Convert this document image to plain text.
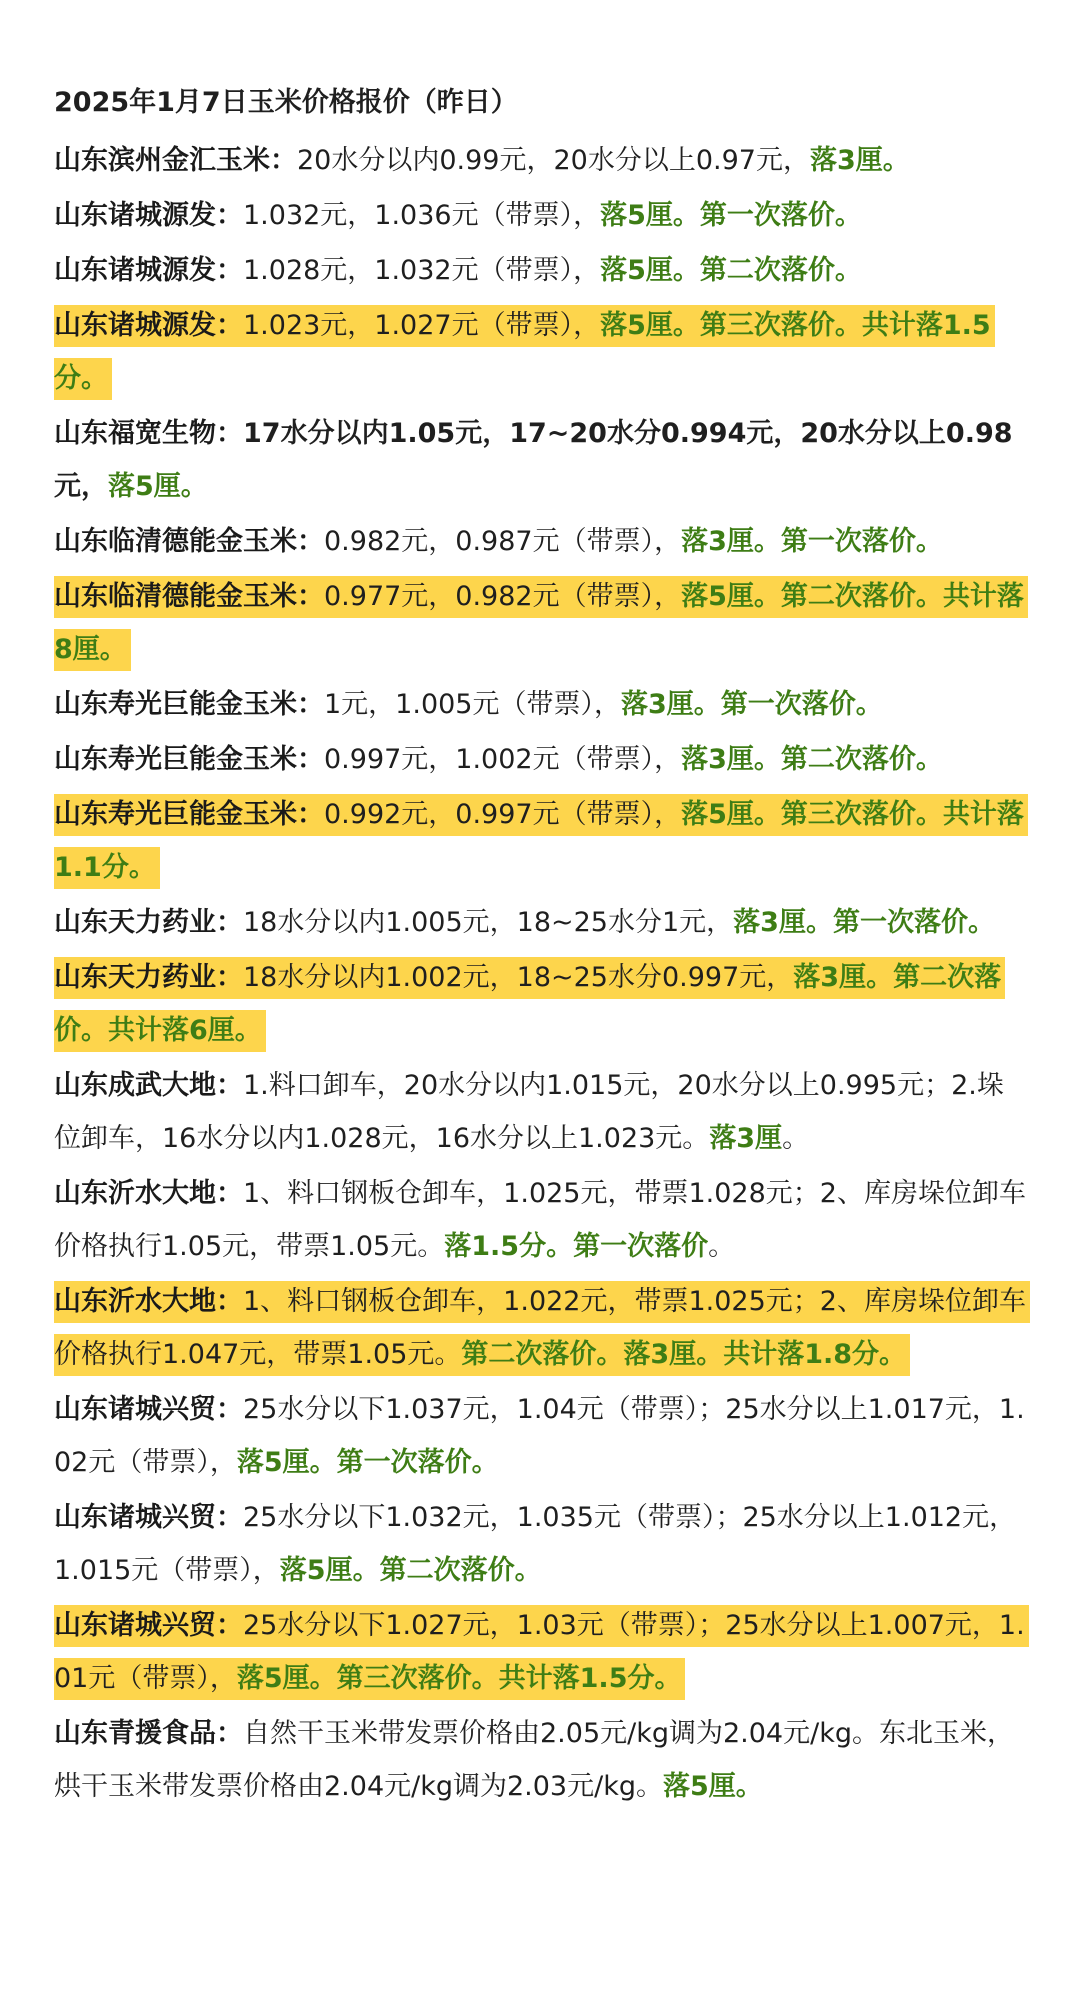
2025年1月7日玉米价格报价（昨日）

山东滨州金汇玉米：20水分以内0.99元，20水分以上0.97元，落3厘。

山东诸城源发：1.032元，1.036元（带票），落5厘。第一次落价。

山东诸城源发：1.028元，1.032元（带票），落5厘。第二次落价。

山东诸城源发：1.023元，1.027元（带票），落5厘。第三次落价。共计落1.5分。

山东福宽生物：17水分以内1.05元，17~20水分0.994元，20水分以上0.98元，落5厘。

山东临清德能金玉米：0.982元，0.987元（带票），落3厘。第一次落价。

山东临清德能金玉米：0.977元，0.982元（带票），落5厘。第二次落价。共计落8厘。

山东寿光巨能金玉米：1元，1.005元（带票），落3厘。第一次落价。

山东寿光巨能金玉米：0.997元，1.002元（带票），落3厘。第二次落价。

山东寿光巨能金玉米：0.992元，0.997元（带票），落5厘。第三次落价。共计落1.1分。

山东天力药业：18水分以内1.005元，18~25水分1元，落3厘。第一次落价。

山东天力药业：18水分以内1.002元，18~25水分0.997元，落3厘。第二次落价。共计落6厘。

山东成武大地：1.料口卸车，20水分以内1.015元，20水分以上0.995元；2.垛位卸车，16水分以内1.028元，16水分以上1.023元。落3厘。

山东沂水大地：1、料口钢板仓卸车，1.025元，带票1.028元；2、库房垛位卸车价格执行1.05元，带票1.05元。落1.5分。第一次落价。

山东沂水大地：1、料口钢板仓卸车，1.022元，带票1.025元；2、库房垛位卸车价格执行1.047元，带票1.05元。第二次落价。落3厘。共计落1.8分。

山东诸城兴贸：25水分以下1.037元，1.04元（带票）；25水分以上1.017元，1.02元（带票），落5厘。第一次落价。

山东诸城兴贸：25水分以下1.032元，1.035元（带票）；25水分以上1.012元，1.015元（带票），落5厘。第二次落价。

山东诸城兴贸：25水分以下1.027元，1.03元（带票）；25水分以上1.007元，1.01元（带票），落5厘。第三次落价。共计落1.5分。

山东青援食品：自然干玉米带发票价格由2.05元/kg调为2.04元/kg。东北玉米，烘干玉米带发票价格由2.04元/kg调为2.03元/kg。落5厘。
